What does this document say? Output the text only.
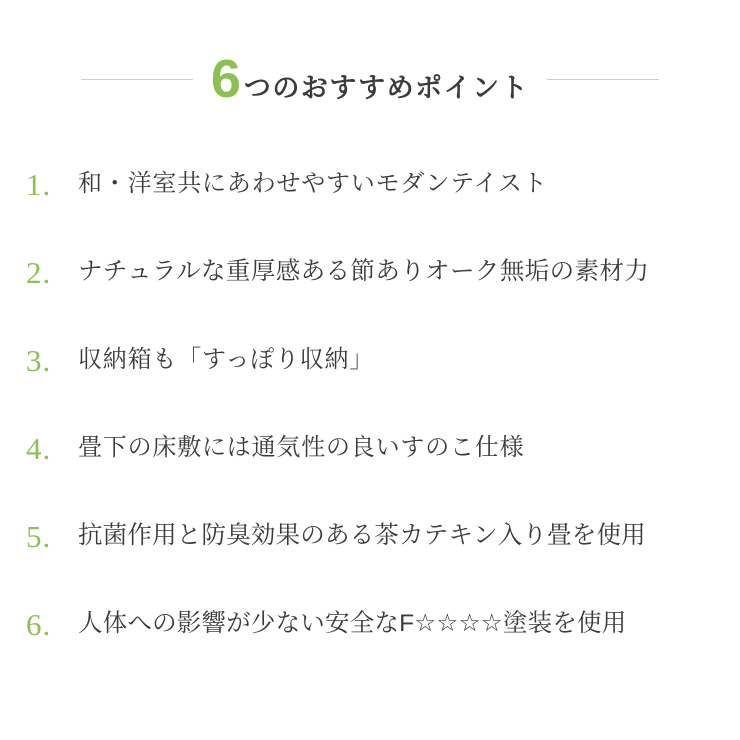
6 つのおすすめポイント
1.	和・洋室共にあわせやすいモダンテイスト
2.	ナチュラルな重厚感ある節ありオーク無垢の素材力
3.	収納箱も「すっぽり収納」
4.	畳下の床敷には通気性の良いすのこ仕様
5.	抗菌作用と防臭効果のある茶カテキン入り畳を使用
6.	人体への影響が少ない安全なF☆☆☆☆塗装を使用
